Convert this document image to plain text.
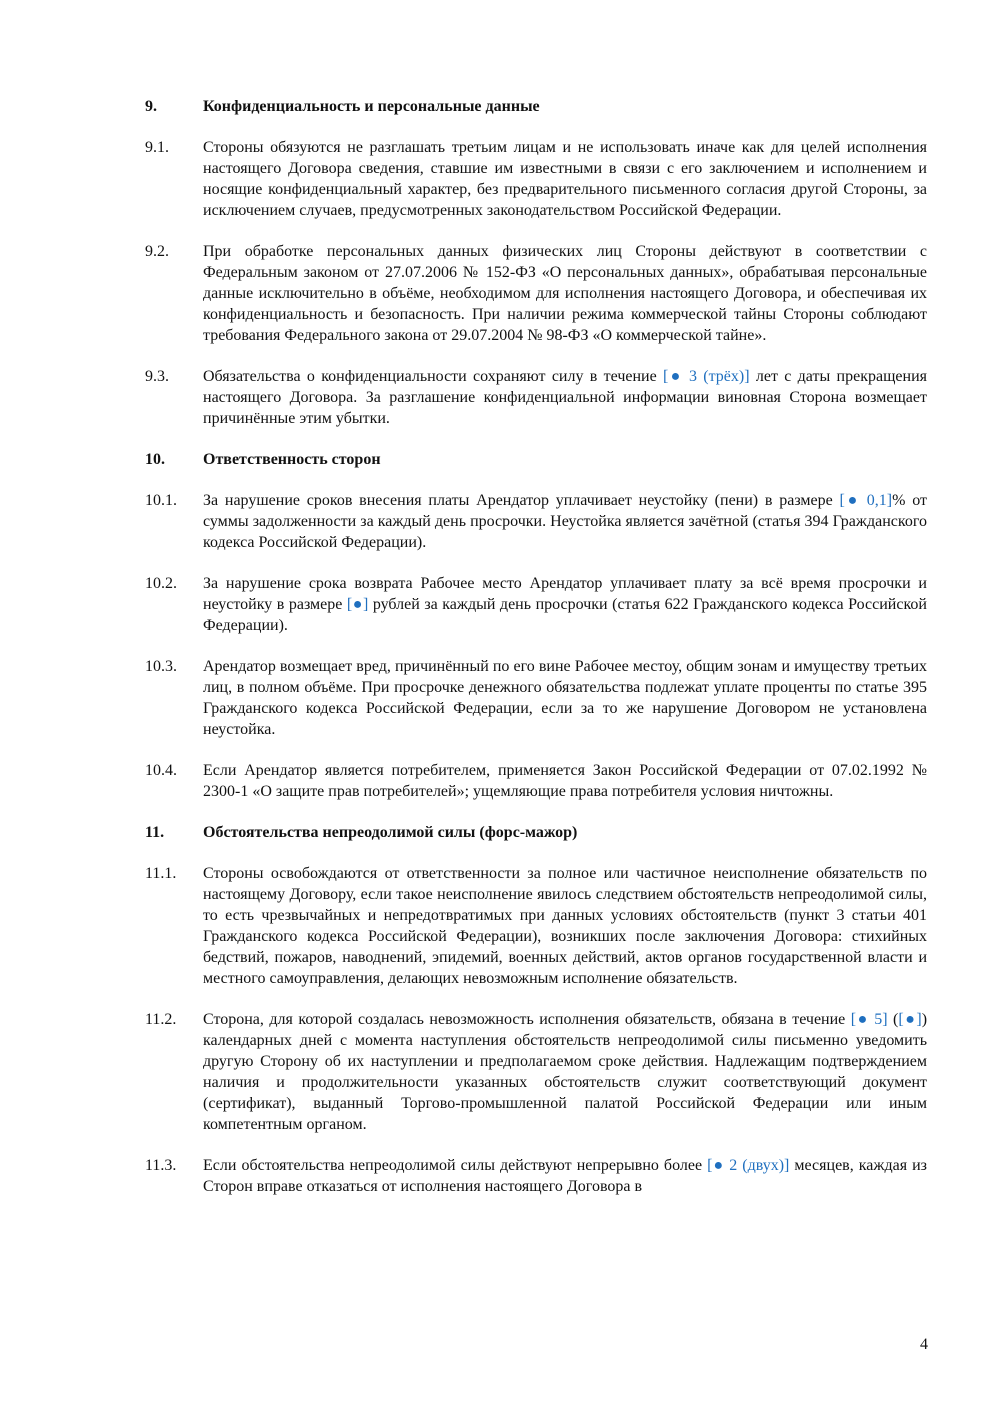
9.	Конфиденциальность и персональные данные
9.1.	Стороны обязуются не разглашать третьим лицам и не использовать иначе как для целей исполнения настоящего Договора сведения, ставшие им известными в связи с его заключением и исполнением и носящие конфиденциальный характер, без предварительного письменного согласия другой Стороны, за исключением случаев, предусмотренных законодательством Российской Федерации.
9.2.	При обработке персональных данных физических лиц Стороны действуют в соответствии с Федеральным законом от 27.07.2006 № 152-ФЗ «О персональных данных», обрабатывая персональные данные исключительно в объёме, необходимом для исполнения настоящего Договора, и обеспечивая их конфиденциальность и безопасность. При наличии режима коммерческой тайны Стороны соблюдают требования Федерального закона от 29.07.2004 № 98-ФЗ «О коммерческой тайне».
9.3.	Обязательства о конфиденциальности сохраняют силу в течение [● 3 (трёх)] лет с даты прекращения настоящего Договора. За разглашение конфиденциальной информации виновная Сторона возмещает причинённые этим убытки.
10.	Ответственность сторон
10.1.	За нарушение сроков внесения платы Арендатор уплачивает неустойку (пени) в размере [● 0,1]% от суммы задолженности за каждый день просрочки. Неустойка является зачётной (статья 394 Гражданского кодекса Российской Федерации).
10.2.	За нарушение срока возврата Рабочее место Арендатор уплачивает плату за всё время просрочки и неустойку в размере [●] рублей за каждый день просрочки (статья 622 Гражданского кодекса Российской Федерации).
10.3.	Арендатор возмещает вред, причинённый по его вине Рабочее местоу, общим зонам и имуществу третьих лиц, в полном объёме. При просрочке денежного обязательства подлежат уплате проценты по статье 395 Гражданского кодекса Российской Федерации, если за то же нарушение Договором не установлена неустойка.
10.4.	Если Арендатор является потребителем, применяется Закон Российской Федерации от 07.02.1992 № 2300-1 «О защите прав потребителей»; ущемляющие права потребителя условия ничтожны.
11.	Обстоятельства непреодолимой силы (форс-мажор)
11.1.	Стороны освобождаются от ответственности за полное или частичное неисполнение обязательств по настоящему Договору, если такое неисполнение явилось следствием обстоятельств непреодолимой силы, то есть чрезвычайных и непредотвратимых при данных условиях обстоятельств (пункт 3 статьи 401 Гражданского кодекса Российской Федерации), возникших после заключения Договора: стихийных бедствий, пожаров, наводнений, эпидемий, военных действий, актов органов государственной власти и местного самоуправления, делающих невозможным исполнение обязательств.
11.2.	Сторона, для которой создалась невозможность исполнения обязательств, обязана в течение [● 5] ([●]) календарных дней с момента наступления обстоятельств непреодолимой силы письменно уведомить другую Сторону об их наступлении и предполагаемом сроке действия. Надлежащим подтверждением наличия и продолжительности указанных обстоятельств служит соответствующий документ (сертификат), выданный Торгово-промышленной палатой Российской Федерации или иным компетентным органом.
11.3.	Если обстоятельства непреодолимой силы действуют непрерывно более [● 2 (двух)] месяцев, каждая из Сторон вправе отказаться от исполнения настоящего Договора в
4
